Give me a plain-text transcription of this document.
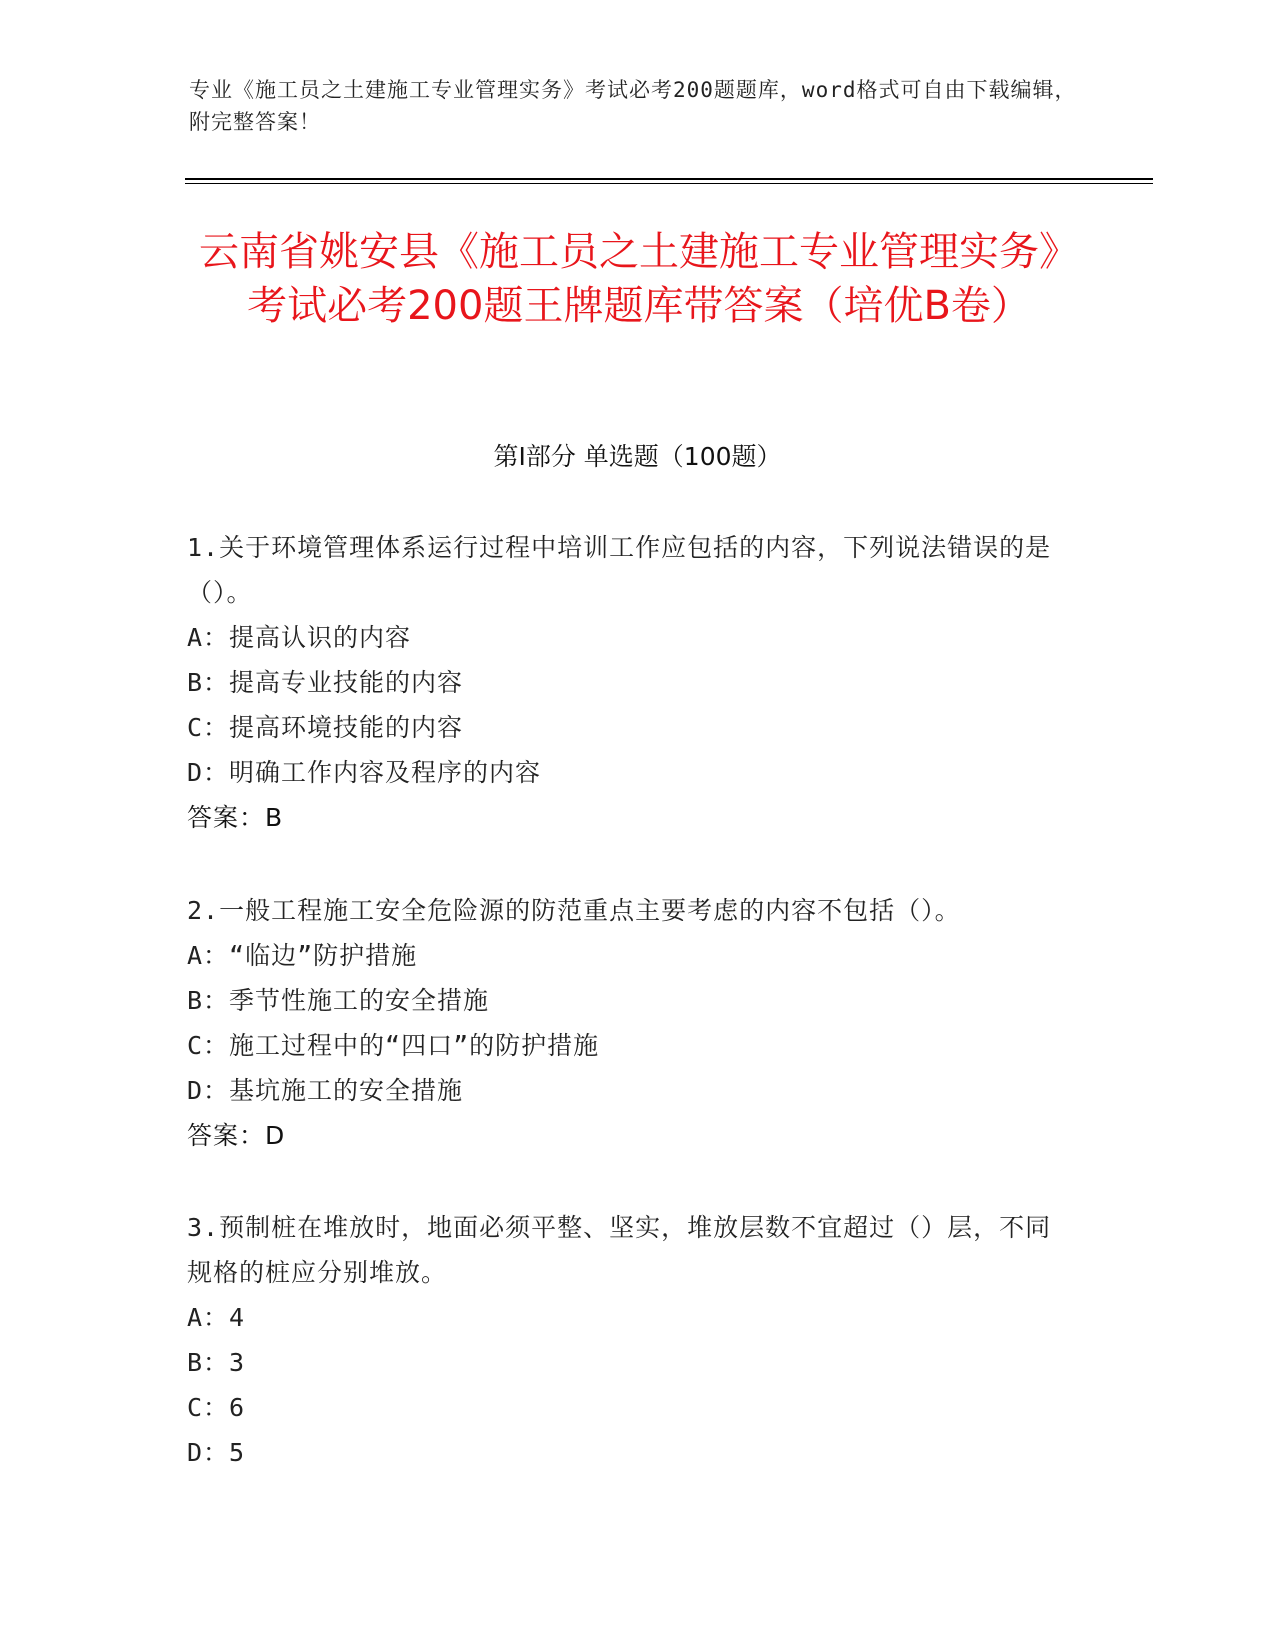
专业《施工员之土建施工专业管理实务》考试必考200题题库，word格式可自由下载编辑，附完整答案！
云南省姚安县《施工员之土建施工专业管理实务》考试必考200题王牌题库带答案（培优B卷）
第Ⅰ部分 单选题（100题）
1.关于环境管理体系运行过程中培训工作应包括的内容，下列说法错误的是（）。
A：提高认识的内容
B：提高专业技能的内容
C：提高环境技能的内容
D：明确工作内容及程序的内容
答案：B
2.一般工程施工安全危险源的防范重点主要考虑的内容不包括（）。
A：“临边”防护措施
B：季节性施工的安全措施
C：施工过程中的“四口”的防护措施
D：基坑施工的安全措施
答案：D
3.预制桩在堆放时，地面必须平整、坚实，堆放层数不宜超过（）层，不同规格的桩应分别堆放。
A：4
B：3
C：6
D：5
